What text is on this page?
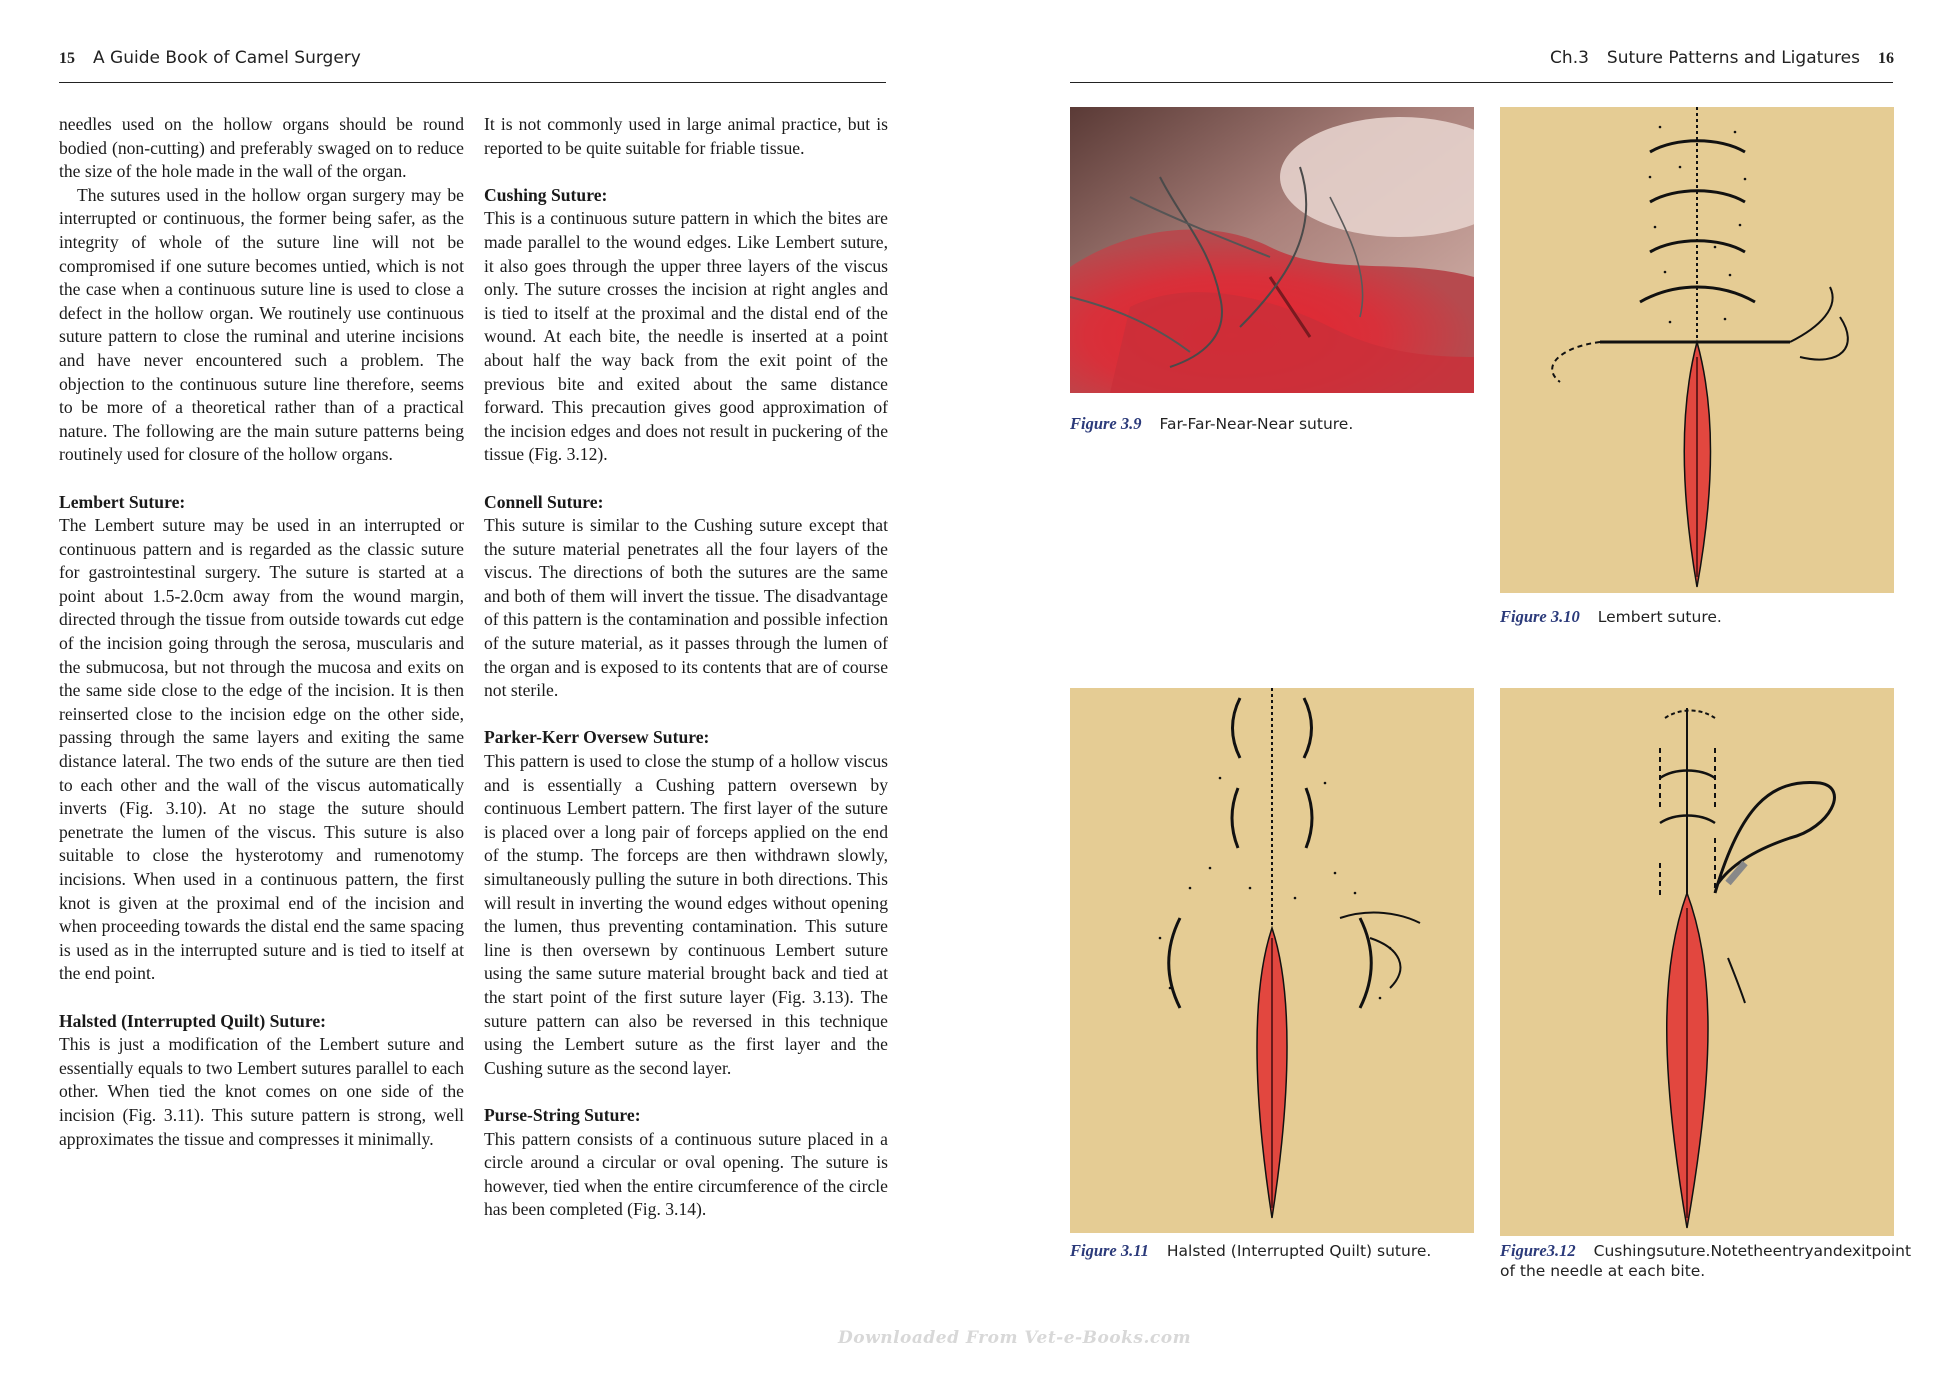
15 A Guide Book of Camel Surgery

needles used on the hollow organs should be round bodied (non-cutting) and preferably swaged on to reduce the size of the hole made in the wall of the organ.

The sutures used in the hollow organ surgery may be interrupted or continuous, the former being safer, as the integrity of whole of the suture line will not be compromised if one suture becomes untied, which is not the case when a continuous suture line is used to close a defect in the hollow organ. We routinely use continuous suture pattern to close the ruminal and uterine incisions and have never encountered such a problem. The objection to the continuous suture line therefore, seems to be more of a theoretical rather than of a practical nature. The following are the main suture patterns being routinely used for closure of the hollow organs.

Lembert Suture:

The Lembert suture may be used in an interrupted or continuous pattern and is regarded as the classic suture for gastrointestinal surgery. The suture is started at a point about 1.5-2.0cm away from the wound margin, directed through the tissue from outside towards cut edge of the incision going through the serosa, muscularis and the submucosa, but not through the mucosa and exits on the same side close to the edge of the incision. It is then reinserted close to the incision edge on the other side, passing through the same layers and exiting the same distance lateral. The two ends of the suture are then tied to each other and the wall of the viscus automatically inverts (Fig. 3.10). At no stage the suture should penetrate the lumen of the viscus. This suture is also suitable to close the hysterotomy and rumenotomy incisions. When used in a continuous pattern, the first knot is given at the proximal end of the incision and when proceeding towards the distal end the same spacing is used as in the interrupted suture and is tied to itself at the end point.

Halsted (Interrupted Quilt) Suture:

This is just a modification of the Lembert suture and essentially equals to two Lembert sutures parallel to each other. When tied the knot comes on one side of the incision (Fig. 3.11). This suture pattern is strong, well approximates the tissue and compresses it minimally.

It is not commonly used in large animal practice, but is reported to be quite suitable for friable tissue.

Cushing Suture:

This is a continuous suture pattern in which the bites are made parallel to the wound edges. Like Lembert suture, it also goes through the upper three layers of the viscus only. The suture crosses the incision at right angles and is tied to itself at the proximal and the distal end of the wound. At each bite, the needle is inserted at a point about half the way back from the exit point of the previous bite and exited about the same distance forward. This precaution gives good approximation of the incision edges and does not result in puckering of the tissue (Fig. 3.12).

Connell Suture:

This suture is similar to the Cushing suture except that the suture material penetrates all the four layers of the viscus. The directions of both the sutures are the same and both of them will invert the tissue. The disadvantage of this pattern is the contamination and possible infection of the suture material, as it passes through the lumen of the organ and is exposed to its contents that are of course not sterile.

Parker-Kerr Oversew Suture:

This pattern is used to close the stump of a hollow viscus and is essentially a Cushing pattern oversewn by continuous Lembert pattern. The first layer of the suture is placed over a long pair of forceps applied on the end of the stump. The forceps are then withdrawn slowly, simultaneously pulling the suture in both directions. This will result in inverting the wound edges without opening the lumen, thus preventing contamination. This suture line is then oversewn by continuous Lembert suture using the same suture material brought back and tied at the start point of the first suture layer (Fig. 3.13). The suture pattern can also be reversed in this technique using the Lembert suture as the first layer and the Cushing suture as the second layer.

Purse-String Suture:

This pattern consists of a continuous suture placed in a circle around a circular or oval opening. The suture is however, tied when the entire circumference of the circle has been completed (Fig. 3.14).

Ch.3 Suture Patterns and Ligatures 16
Figure 3.9 Far-Far-Near-Near suture.
Figure 3.10 Lembert suture.
Figure 3.11 Halsted (Interrupted Quilt) suture.	Figure3.12 Cushingsuture.Notetheentryandexitpoint of the needle at each bite.
Downloaded From Vet-e-Books.com
